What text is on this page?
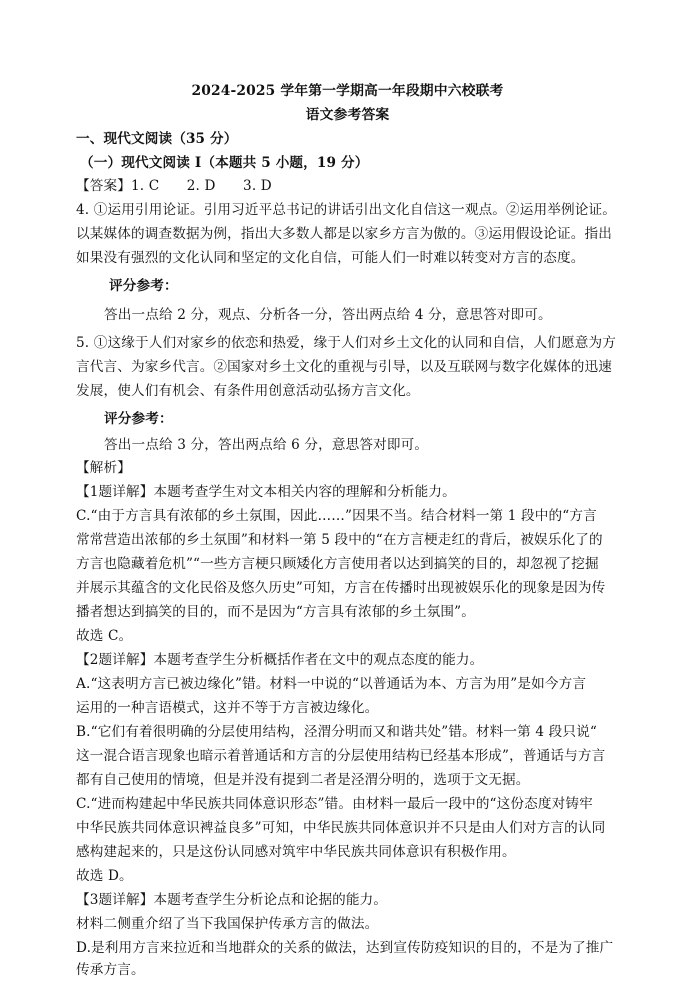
2024-2025 学年第一学期高一年段期中六校联考
语文参考答案
一、现代文阅读（35 分）
（一）现代文阅读 I（本题共 5 小题，19 分）
【答案】1. C　　2. D　　3. D
4. ①运用引用论证。引用习近平总书记的讲话引出文化自信这一观点。②运用举例论证。
以某媒体的调查数据为例，指出大多数人都是以家乡方言为傲的。③运用假设论证。指出
如果没有强烈的文化认同和坚定的文化自信，可能人们一时难以转变对方言的态度。
评分参考：
答出一点给 2 分，观点、分析各一分，答出两点给 4 分，意思答对即可。
5. ①这缘于人们对家乡的依恋和热爱，缘于人们对乡土文化的认同和自信，人们愿意为方
言代言、为家乡代言。②国家对乡土文化的重视与引导，以及互联网与数字化媒体的迅速
发展，使人们有机会、有条件用创意活动弘扬方言文化。
评分参考：
答出一点给 3 分，答出两点给 6 分，意思答对即可。
【解析】
【1题详解】本题考查学生对文本相关内容的理解和分析能力。
C.“由于方言具有浓郁的乡土氛围，因此……”因果不当。结合材料一第 1 段中的“方言
常常营造出浓郁的乡土氛围”和材料一第 5 段中的“在方言梗走红的背后，被娱乐化了的
方言也隐藏着危机”“一些方言梗只顾矮化方言使用者以达到搞笑的目的，却忽视了挖掘
并展示其蕴含的文化民俗及悠久历史”可知，方言在传播时出现被娱乐化的现象是因为传
播者想达到搞笑的目的，而不是因为“方言具有浓郁的乡土氛围”。
故选 C。
【2题详解】本题考查学生分析概括作者在文中的观点态度的能力。
A.“这表明方言已被边缘化”错。材料一中说的“以普通话为本、方言为用”是如今方言
运用的一种言语模式，这并不等于方言被边缘化。
B.“它们有着很明确的分层使用结构，泾渭分明而又和谐共处”错。材料一第 4 段只说“
这一混合语言现象也暗示着普通话和方言的分层使用结构已经基本形成”，普通话与方言
都有自己使用的情境，但是并没有提到二者是泾渭分明的，选项于文无据。
C.“进而构建起中华民族共同体意识形态”错。由材料一最后一段中的“这份态度对铸牢
中华民族共同体意识裨益良多”可知，中华民族共同体意识并不只是由人们对方言的认同
感构建起来的，只是这份认同感对筑牢中华民族共同体意识有积极作用。
故选 D。
【3题详解】本题考查学生分析论点和论据的能力。
材料二侧重介绍了当下我国保护传承方言的做法。
D.是利用方言来拉近和当地群众的关系的做法，达到宣传防疫知识的目的，不是为了推广
传承方言。
